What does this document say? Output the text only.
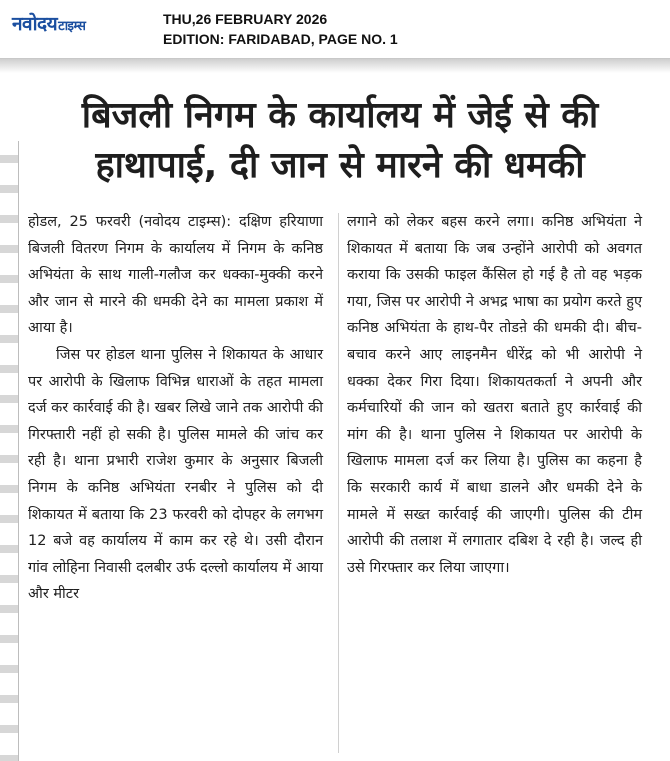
नवोदयटाइम्स	THU,26 FEBRUARY 2026
EDITION: FARIDABAD, PAGE NO. 1
बिजली निगम के कार्यालय में जेई से की हाथापाई, दी जान से मारने की धमकी

होडल, 25 फरवरी (नवोदय टाइम्स): दक्षिण हरियाणा बिजली वितरण निगम के कार्यालय में निगम के कनिष्ठ अभियंता के साथ गाली-गलौज कर धक्का-मुक्की करने और जान से मारने की धमकी देने का मामला प्रकाश में आया है।

जिस पर होडल थाना पुलिस ने शिकायत के आधार पर आरोपी के खिलाफ विभिन्न धाराओं के तहत मामला दर्ज कर कार्रवाई की है। खबर लिखे जाने तक आरोपी की गिरफ्तारी नहीं हो सकी है। पुलिस मामले की जांच कर रही है। थाना प्रभारी राजेश कुमार के अनुसार बिजली निगम के कनिष्ठ अभियंता रनबीर ने पुलिस को दी शिकायत में बताया कि 23 फरवरी को दोपहर के लगभग 12 बजे वह कार्यालय में काम कर रहे थे। उसी दौरान गांव लोहिना निवासी दलबीर उर्फ दल्लो कार्यालय में आया और मीटर

लगाने को लेकर बहस करने लगा। कनिष्ठ अभियंता ने शिकायत में बताया कि जब उन्होंने आरोपी को अवगत कराया कि उसकी फाइल कैंसिल हो गई है तो वह भड़क गया, जिस पर आरोपी ने अभद्र भाषा का प्रयोग करते हुए कनिष्ठ अभियंता के हाथ-पैर तोडऩे की धमकी दी। बीच-बचाव करने आए लाइनमैन धीरेंद्र को भी आरोपी ने धक्का देकर गिरा दिया। शिकायतकर्ता ने अपनी और कर्मचारियों की जान को खतरा बताते हुए कार्रवाई की मांग की है। थाना पुलिस ने शिकायत पर आरोपी के खिलाफ मामला दर्ज कर लिया है। पुलिस का कहना है कि सरकारी कार्य में बाधा डालने और धमकी देने के मामले में सख्त कार्रवाई की जाएगी। पुलिस की टीम आरोपी की तलाश में लगातार दबिश दे रही है। जल्द ही उसे गिरफ्तार कर लिया जाएगा।
